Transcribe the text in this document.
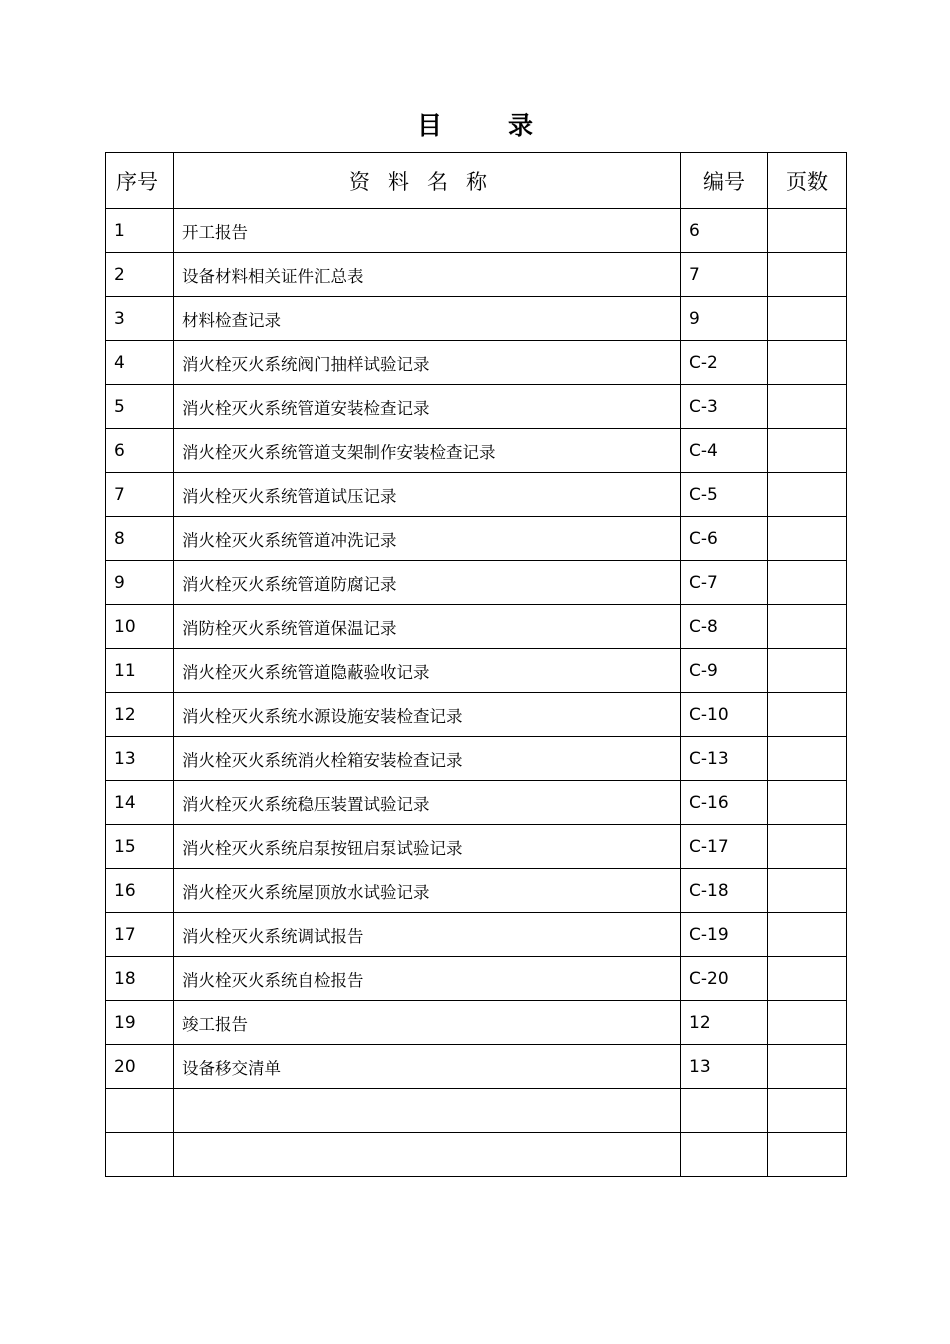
目	录
序号	资料名称	编号	页数
1	开工报告	6	
2	设备材料相关证件汇总表	7	
3	材料检查记录	9	
4	消火栓灭火系统阀门抽样试验记录	C-2	
5	消火栓灭火系统管道安装检查记录	C-3	
6	消火栓灭火系统管道支架制作安装检查记录	C-4	
7	消火栓灭火系统管道试压记录	C-5	
8	消火栓灭火系统管道冲洗记录	C-6	
9	消火栓灭火系统管道防腐记录	C-7	
10	消防栓灭火系统管道保温记录	C-8	
11	消火栓灭火系统管道隐蔽验收记录	C-9	
12	消火栓灭火系统水源设施安装检查记录	C-10	
13	消火栓灭火系统消火栓箱安装检查记录	C-13	
14	消火栓灭火系统稳压装置试验记录	C-16	
15	消火栓灭火系统启泵按钮启泵试验记录	C-17	
16	消火栓灭火系统屋顶放水试验记录	C-18	
17	消火栓灭火系统调试报告	C-19	
18	消火栓灭火系统自检报告	C-20	
19	竣工报告	12	
20	设备移交清单	13	
